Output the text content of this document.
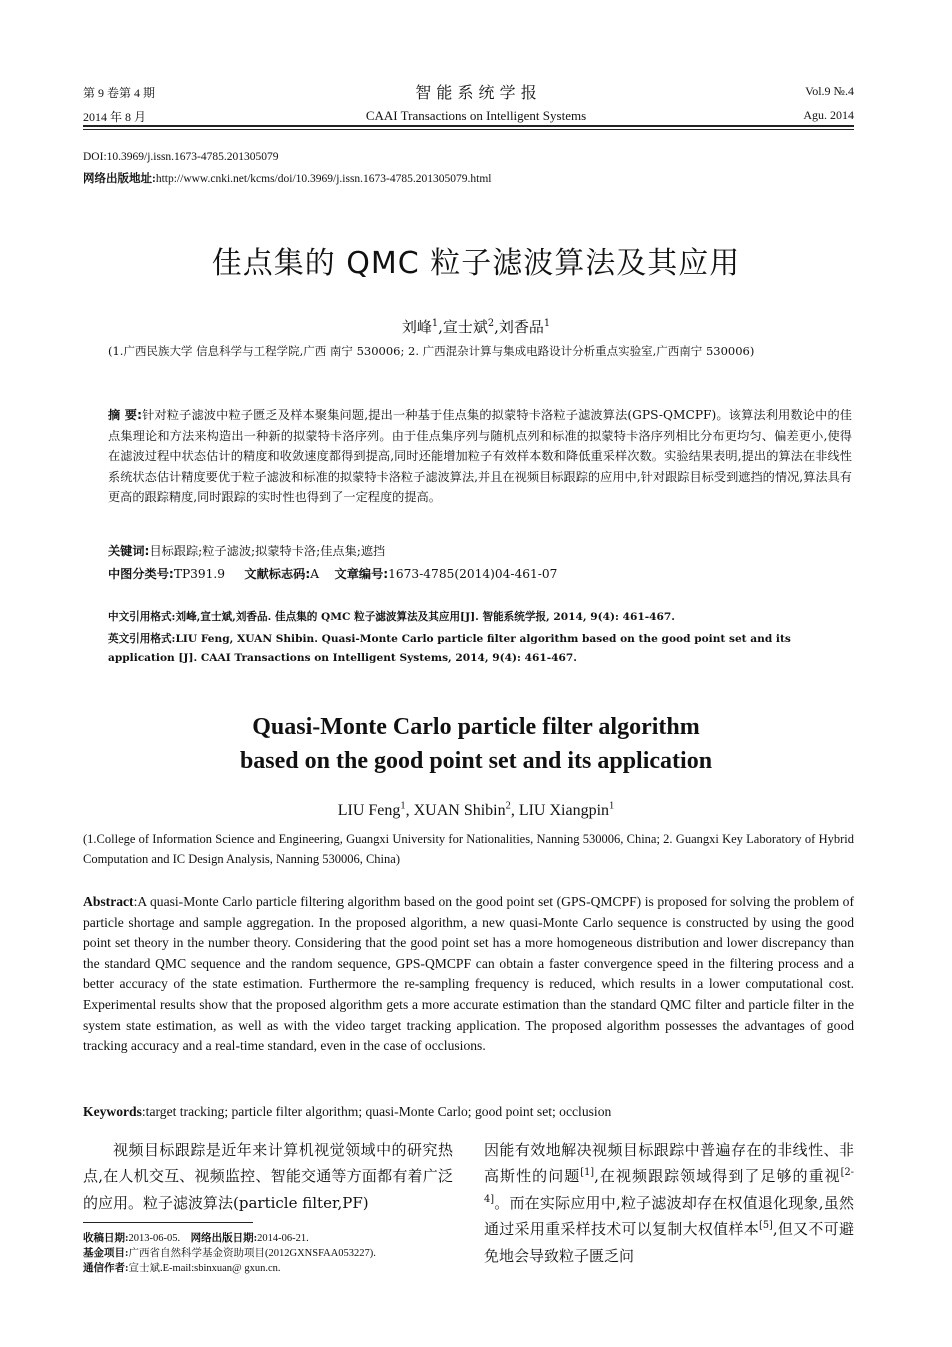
第 9 卷第 4 期
2014 年 8 月
智 能 系 统 学 报
CAAI Transactions on Intelligent Systems
Vol.9 №.4
Agu. 2014
DOI:10.3969/j.issn.1673-4785.201305079
网络出版地址:http://www.cnki.net/kcms/doi/10.3969/j.issn.1673-4785.201305079.html
佳点集的 QMC 粒子滤波算法及其应用
刘峰$^1$,宣士斌$^2$,刘香品$^1$
(1.广西民族大学 信息科学与工程学院,广西 南宁 530006; 2. 广西混杂计算与集成电路设计分析重点实验室,广西南宁 530006)
摘 要:针对粒子滤波中粒子匮乏及样本聚集问题,提出一种基于佳点集的拟蒙特卡洛粒子滤波算法(GPS-QMCPF)。该算法利用数论中的佳点集理论和方法来构造出一种新的拟蒙特卡洛序列。由于佳点集序列与随机点列和标准的拟蒙特卡洛序列相比分布更均匀、偏差更小,使得在滤波过程中状态估计的精度和收敛速度都得到提高,同时还能增加粒子有效样本数和降低重采样次数。实验结果表明,提出的算法在非线性系统状态估计精度要优于粒子滤波和标准的拟蒙特卡洛粒子滤波算法,并且在视频目标跟踪的应用中,针对跟踪目标受到遮挡的情况,算法具有更高的跟踪精度,同时跟踪的实时性也得到了一定程度的提高。
关键词:目标跟踪;粒子滤波;拟蒙特卡洛;佳点集;遮挡
中图分类号:TP391.9 文献标志码:A 文章编号:1673-4785(2014)04-461-07
中文引用格式:刘峰,宣士斌,刘香品. 佳点集的 QMC 粒子滤波算法及其应用[J]. 智能系统学报, 2014, 9(4): 461-467.
英文引用格式:LIU Feng, XUAN Shibin. Quasi-Monte Carlo particle filter algorithm based on the good point set and its application [J]. CAAI Transactions on Intelligent Systems, 2014, 9(4): 461-467.
Quasi-Monte Carlo particle filter algorithm
based on the good point set and its application
LIU Feng$^1$, XUAN Shibin$^2$, LIU Xiangpin$^1$
(1.College of Information Science and Engineering, Guangxi University for Nationalities, Nanning 530006, China; 2. Guangxi Key Laboratory of Hybrid Computation and IC Design Analysis, Nanning 530006, China)
Abstract:A quasi-Monte Carlo particle filtering algorithm based on the good point set (GPS-QMCPF) is proposed for solving the problem of particle shortage and sample aggregation. In the proposed algorithm, a new quasi-Monte Carlo sequence is constructed by using the good point set theory in the number theory. Considering that the good point set has a more homogeneous distribution and lower discrepancy than the standard QMC sequence and the random sequence, GPS-QMCPF can obtain a faster convergence speed in the filtering process and a better accuracy of the state estimation. Furthermore the re-sampling frequency is reduced, which results in a lower computational cost. Experimental results show that the proposed algorithm gets a more accurate estimation than the standard QMC filter and particle filter in the system state estimation, as well as with the video target tracking application. The proposed algorithm possesses the advantages of good tracking accuracy and a real-time standard, even in the case of occlusions.
Keywords:target tracking; particle filter algorithm; quasi-Monte Carlo; good point set; occlusion
视频目标跟踪是近年来计算机视觉领域中的研究热点,在人机交互、视频监控、智能交通等方面都有着广泛的应用。粒子滤波算法(particle filter,PF)
因能有效地解决视频目标跟踪中普遍存在的非线性、非高斯性的问题[1],在视频跟踪领域得到了足够的重视[2-4]。而在实际应用中,粒子滤波却存在权值退化现象,虽然通过采用重采样技术可以复制大权值样本[5],但又不可避免地会导致粒子匮乏问
收稿日期:2013-06-05. 网络出版日期:2014-06-21.
基金项目:广西省自然科学基金资助项目(2012GXNSFAA053227).
通信作者:宣士斌.E-mail:sbinxuan@ gxun.cn.
